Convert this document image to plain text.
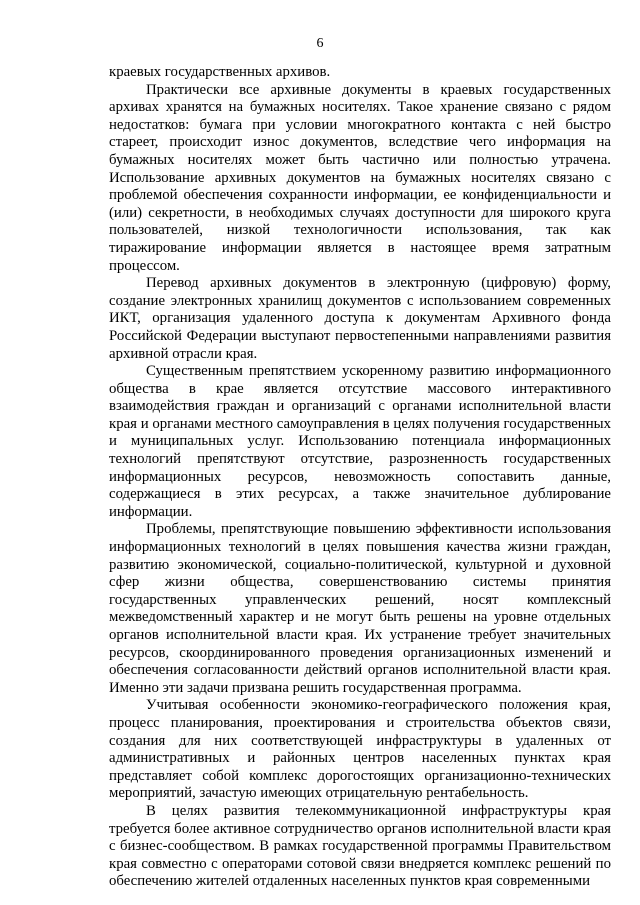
6

краевых государственных архивов.

Практически все архивные документы в краевых государственных архивах хранятся на бумажных носителях. Такое хранение связано с рядом недостатков: бумага при условии многократного контакта с ней быстро стареет, происходит износ документов, вследствие чего информация на бумажных носителях может быть частично или полностью утрачена. Использование архивных документов на бумажных носителях связано с проблемой обеспечения сохранности информации, ее конфиденциальности и (или) секретности, в необходимых случаях доступности для широкого круга пользователей, низкой технологичности использования, так как тиражирование информации является в настоящее время затратным процессом.

Перевод архивных документов в электронную (цифровую) форму, создание электронных хранилищ документов с использованием современных ИКТ, организация удаленного доступа к документам Архивного фонда Российской Федерации выступают первостепенными направлениями развития архивной отрасли края.

Существенным препятствием ускоренному развитию информационного общества в крае является отсутствие массового интерактивного взаимодействия граждан и организаций с органами исполнительной власти края и органами местного самоуправления в целях получения государственных и муниципальных услуг. Использованию потенциала информационных технологий препятствуют отсутствие, разрозненность государственных информационных ресурсов, невозможность сопоставить данные, содержащиеся в этих ресурсах, а также значительное дублирование информации.

Проблемы, препятствующие повышению эффективности использования информационных технологий в целях повышения качества жизни граждан, развитию экономической, социально-политической, культурной и духовной сфер жизни общества, совершенствованию системы принятия государственных управленческих решений, носят комплексный межведомственный характер и не могут быть решены на уровне отдельных органов исполнительной власти края. Их устранение требует значительных ресурсов, скоординированного проведения организационных изменений и обеспечения согласованности действий органов исполнительной власти края. Именно эти задачи призвана решить государственная программа.

Учитывая особенности экономико-географического положения края, процесс планирования, проектирования и строительства объектов связи, создания для них соответствующей инфраструктуры в удаленных от административных и районных центров населенных пунктах края представляет собой комплекс дорогостоящих организационно-технических мероприятий, зачастую имеющих отрицательную рентабельность.

В целях развития телекоммуникационной инфраструктуры края требуется более активное сотрудничество органов исполнительной власти края с бизнес-сообществом. В рамках государственной программы Правительством края совместно с операторами сотовой связи внедряется комплекс решений по обеспечению жителей отдаленных населенных пунктов края современными
